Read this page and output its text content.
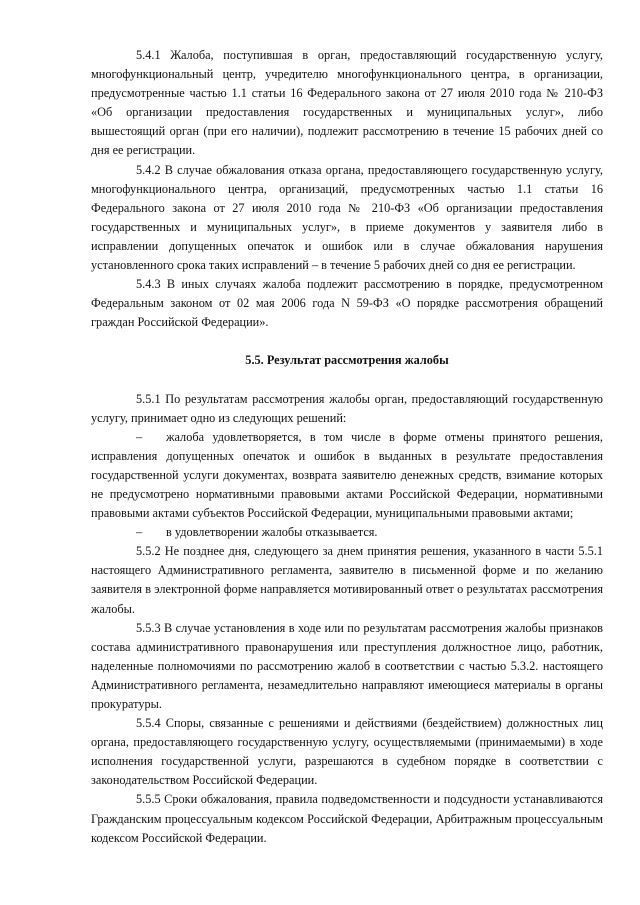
5.4.1 Жалоба, поступившая в орган, предоставляющий государственную услугу, многофункциональный центр, учредителю многофункционального центра, в организации, предусмотренные частью 1.1 статьи 16 Федерального закона от 27 июля 2010 года № 210-ФЗ «Об организации предоставления государственных и муниципальных услуг», либо вышестоящий орган (при его наличии), подлежит рассмотрению в течение 15 рабочих дней со дня ее регистрации.

5.4.2 В случае обжалования отказа органа, предоставляющего государственную услугу, многофункционального центра, организаций, предусмотренных частью 1.1 статьи 16 Федерального закона от 27 июля 2010 года № 210-ФЗ «Об организации предоставления государственных и муниципальных услуг», в приеме документов у заявителя либо в исправлении допущенных опечаток и ошибок или в случае обжалования нарушения установленного срока таких исправлений – в течение 5 рабочих дней со дня ее регистрации.

5.4.3 В иных случаях жалоба подлежит рассмотрению в порядке, предусмотренном Федеральным законом от 02 мая 2006 года N 59-ФЗ «О порядке рассмотрения обращений граждан Российской Федерации».

5.5. Результат рассмотрения жалобы

5.5.1 По результатам рассмотрения жалобы орган, предоставляющий государственную услугу, принимает одно из следующих решений:

– жалоба удовлетворяется, в том числе в форме отмены принятого решения, исправления допущенных опечаток и ошибок в выданных в результате предоставления государственной услуги документах, возврата заявителю денежных средств, взимание которых не предусмотрено нормативными правовыми актами Российской Федерации, нормативными правовыми актами субъектов Российской Федерации, муниципальными правовыми актами;

– в удовлетворении жалобы отказывается.

5.5.2 Не позднее дня, следующего за днем принятия решения, указанного в части 5.5.1 настоящего Административного регламента, заявителю в письменной форме и по желанию заявителя в электронной форме направляется мотивированный ответ о результатах рассмотрения жалобы.

5.5.3 В случае установления в ходе или по результатам рассмотрения жалобы признаков состава административного правонарушения или преступления должностное лицо, работник, наделенные полномочиями по рассмотрению жалоб в соответствии с частью 5.3.2. настоящего Административного регламента, незамедлительно направляют имеющиеся материалы в органы прокуратуры.

5.5.4 Споры, связанные с решениями и действиями (бездействием) должностных лиц органа, предоставляющего государственную услугу, осуществляемыми (принимаемыми) в ходе исполнения государственной услуги, разрешаются в судебном порядке в соответствии с законодательством Российской Федерации.

5.5.5 Сроки обжалования, правила подведомственности и подсудности устанавливаются Гражданским процессуальным кодексом Российской Федерации, Арбитражным процессуальным кодексом Российской Федерации.
